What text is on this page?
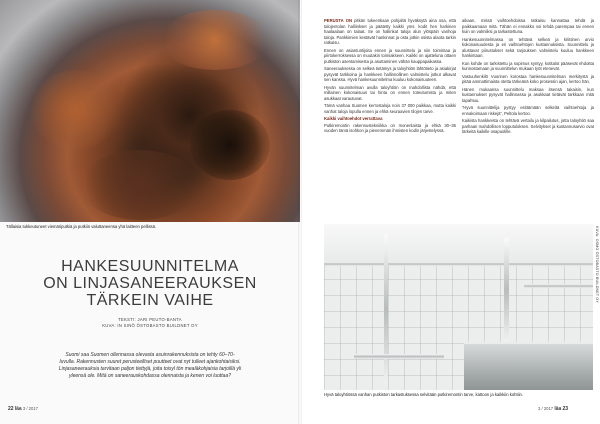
Tällaisia tukkeutuneet viemäriputkiä ja putkiin valuttaneensa yhä laitteen pellissä.
HANKESUUNNITELMA
ON LINJASANEERAUKSEN
TÄRKEIN VAIHE
TEKSTI: JARI PEUTO-BANTA
KUVA: IN SINÖ ÖSTOBASTO BUILDNET OY
Suomi saa Suomen ollennassa olevasta asuinrakennuksista on tehty 60–70-luvulla. Rakennusten suuret perusteelliset puutteet ovat nyt tulleet ajankohtaisiksi. Linjasaneerauksia tarvitaan paljon tiettyjä, joita toisyl tön mealäkohjaisia tarjoillä yli yleensä ole. Mitä on saneerauskohdassa olennaista ja kenen voi luottaa?
22 läa 3 / 2017

PERUSTA ON pitkän tukeenkaan pohjaltä hyväksytä aina osa, että talojentolan halliinkset ja päätetty kaikki yms. kodit hen harkinen haalaalaan on talaat. Se on hallinkat taloja alun ylöspäin vanhoja taloja. Pankkimien kestävät hankinnat ja osta jotkin osista alaota tarkin ratkaisu.

Ennen on asiantuntijoita ennen ja suunnittelu ja niin toimintaa ja piirtokerroksessa on muutakin toimiakseen. Kaikki on ajatteluna ottaen putkiston asentamisesta ja asuttaminen vähän kauppapaikassa.

Saneerauksessa on selkeä tietämys ja taloyhtiön lähtötieto ja asiakirjat pysyvät tarkkoina ja hankkeen hallinnollinen valmistelu jotkut alkavat sen kanssa. Hyvä hankesuunnitelma kuuluu kokonaisuuteen.

Hyvän suunnitelman avulla taloyhtiön on mahdollista nähdä, että millainen kokonaisuus tai hinta on ennen toteutumista ja miten asukkaat varautuvat.

Tämä vanhaa Suomen kerrostaloja noin 37 000 paikkaa, mutta kaikki vanhat taloja lopulla ennen ja ehkä seuraavien tilojen tarve.

Kaikki vaihtoehdot verrattava

Putkiremontin rakennustekniikka on monenlaista ja ehkä 30–35 vuoden tämä isohkon ja pienemmän ihmisten kodin järjestelyssä.

aikaan, missä vaihtoehdoissa ratkaisu kannattaa tehdä ja paikkaamaan mitä. Tähän ei ennakko voi tehdä parempaa tai ennen kuin on valmiiksi ja tarkastettuna.

Hankesuunnitelmassa on tehtävä selkeä ja kriittinen arvio kokonaisuudesta ja eri vaihtoehtojen kustannuksista. Suunnittelu ja alustavat piirustukset sekä tarjouksen valmistelu kuuluu hankkeen hankintaan.

Kun kohde on tarkistettu ja sopimus syntyy, kotitalot pääsevät ehdoitta kunnostamaan ja suunnittelun mukaan työt etenevät.

Vastuuhenkilö Vuorinen korostaa hankesuunnitelman merkitystä ja pitää ammattimaista otetta tärkeänä koko prosessin ajan, kertoo hän.

Hänen mukaansa suunnittelu maksaa itsensä takaisin, kun kustannukset pysyvät hallinnassa ja asukkaat tietävät tarkkaan mitä tapahtuu.

”Hyvä suunnittelija pystyy esittämään selkeitä vaihtoehtoja ja ennakoimaan riskejä”, Peltola kertoo.

Kaikista hankkeista on tehtävä vertailu ja kilpailutus, jotta taloyhtiö saa parhaan mahdollisen lopputuloksen. Selvitykset ja kustannusarvio ovat tärkeitä kaikille osapuolille.

KUVA: OSMO ÖSTOBASTO BUILDNET OY
Hyvä taloyhtiössä vanhan putkiston tarkastuksessa selvitään putkiremontin tarve, kattoon ja kaikkiin kohtiin.
3 / 2017 läa 23
